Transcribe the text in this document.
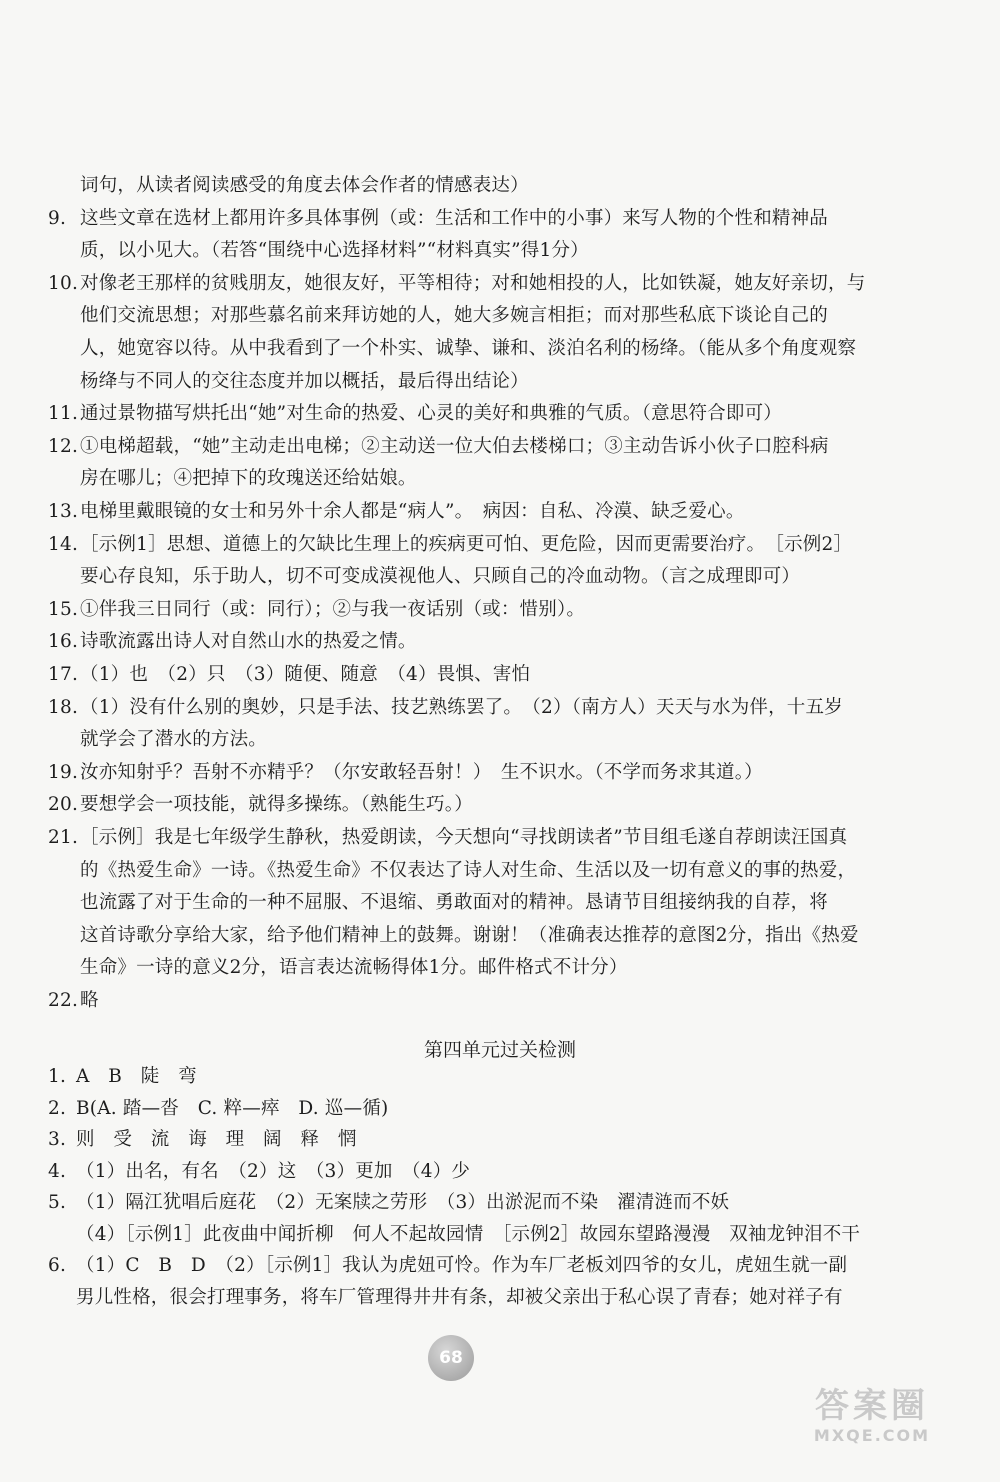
词句，从读者阅读感受的角度去体会作者的情感表达）
9. 这些文章在选材上都用许多具体事例（或：生活和工作中的小事）来写人物的个性和精神品
质，以小见大。（若答“围绕中心选择材料”“材料真实”得1分）
10. 对像老王那样的贫贱朋友，她很友好，平等相待；对和她相投的人，比如铁凝，她友好亲切，与
他们交流思想；对那些慕名前来拜访她的人，她大多婉言相拒；而对那些私底下谈论自己的
人，她宽容以待。从中我看到了一个朴实、诚挚、谦和、淡泊名利的杨绛。（能从多个角度观察
杨绛与不同人的交往态度并加以概括，最后得出结论）
11. 通过景物描写烘托出“她”对生命的热爱、心灵的美好和典雅的气质。（意思符合即可）
12. ①电梯超载，“她”主动走出电梯；②主动送一位大伯去楼梯口；③主动告诉小伙子口腔科病
房在哪儿；④把掉下的玫瑰送还给姑娘。
13. 电梯里戴眼镜的女士和另外十余人都是“病人”。　病因：自私、冷漠、缺乏爱心。
14. ［示例1］思想、道德上的欠缺比生理上的疾病更可怕、更危险，因而更需要治疗。　［示例2］
要心存良知，乐于助人，切不可变成漠视他人、只顾自己的冷血动物。（言之成理即可）
15. ①伴我三日同行（或：同行）；②与我一夜话别（或：惜别）。
16. 诗歌流露出诗人对自然山水的热爱之情。
17. （1）也　（2）只　（3）随便、随意　（4）畏惧、害怕
18. （1）没有什么别的奥妙，只是手法、技艺熟练罢了。　（2）（南方人）天天与水为伴，十五岁
就学会了潜水的方法。
19. 汝亦知射乎？吾射不亦精乎？（尔安敢轻吾射！）　生不识水。（不学而务求其道。）
20. 要想学会一项技能，就得多操练。（熟能生巧。）
21. ［示例］我是七年级学生静秋，热爱朗读，今天想向“寻找朗读者”节目组毛遂自荐朗读汪国真
的《热爱生命》一诗。《热爱生命》不仅表达了诗人对生命、生活以及一切有意义的事的热爱，
也流露了对于生命的一种不屈服、不退缩、勇敢面对的精神。恳请节目组接纳我的自荐，将
这首诗歌分享给大家，给予他们精神上的鼓舞。谢谢！（准确表达推荐的意图2分，指出《热爱
生命》一诗的意义2分，语言表达流畅得体1分。邮件格式不计分）
22. 略
第四单元过关检测
1. A　B　陡　弯
2. B(A. 踏—沓　C. 粹—瘁　D. 巡—循)
3. 则　受　流　诲　理　阔　释　惘
4. （1）出名，有名　（2）这　（3）更加　（4）少
5. （1）隔江犹唱后庭花　（2）无案牍之劳形　（3）出淤泥而不染　濯清涟而不妖
（4）［示例1］此夜曲中闻折柳　何人不起故园情　［示例2］故园东望路漫漫　双袖龙钟泪不干
6. （1）C　B　D　（2）［示例1］我认为虎妞可怜。作为车厂老板刘四爷的女儿，虎妞生就一副
男儿性格，很会打理事务，将车厂管理得井井有条，却被父亲出于私心误了青春；她对祥子有
68
答案圈
MXQE.COM
